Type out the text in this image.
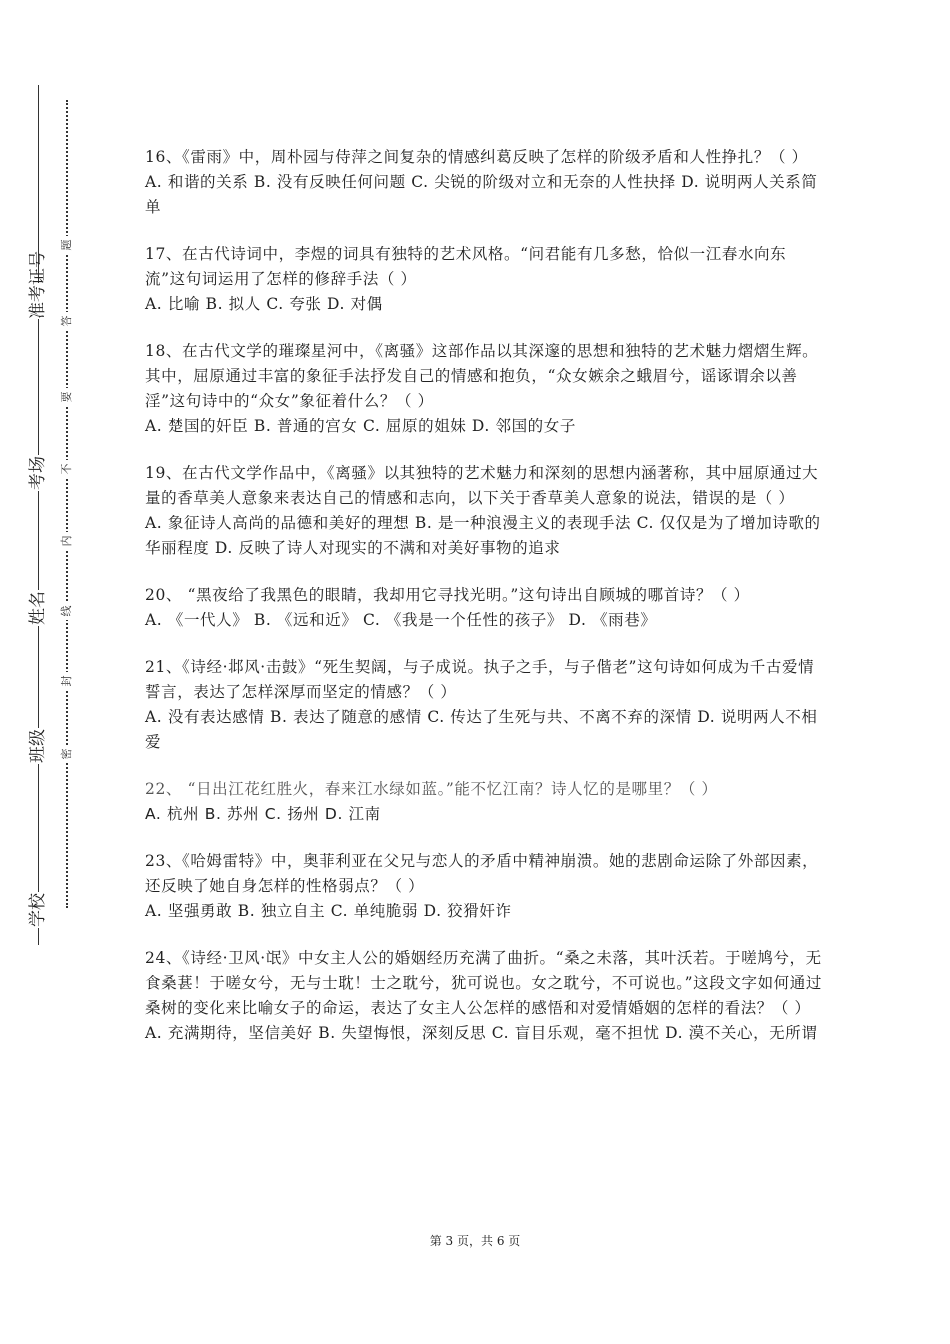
准考证号
考场
姓名
班级
学校
题
答
要
不
内
线
封
密

16、《雷雨》中，周朴园与侍萍之间复杂的情感纠葛反映了怎样的阶级矛盾和人性挣扎？（ ）

A. 和谐的关系 B. 没有反映任何问题 C. 尖锐的阶级对立和无奈的人性抉择 D. 说明两人关系简单

17、在古代诗词中，李煜的词具有独特的艺术风格。“问君能有几多愁，恰似一江春水向东流”这句词运用了怎样的修辞手法（ ）

A. 比喻 B. 拟人 C. 夸张 D. 对偶

18、在古代文学的璀璨星河中，《离骚》这部作品以其深邃的思想和独特的艺术魅力熠熠生辉。其中，屈原通过丰富的象征手法抒发自己的情感和抱负，“众女嫉余之蛾眉兮，谣诼谓余以善淫”这句诗中的“众女”象征着什么？（ ）

A. 楚国的奸臣 B. 普通的宫女 C. 屈原的姐妹 D. 邻国的女子

19、在古代文学作品中，《离骚》以其独特的艺术魅力和深刻的思想内涵著称，其中屈原通过大量的香草美人意象来表达自己的情感和志向，以下关于香草美人意象的说法，错误的是（ ）

A. 象征诗人高尚的品德和美好的理想 B. 是一种浪漫主义的表现手法 C. 仅仅是为了增加诗歌的华丽程度 D. 反映了诗人对现实的不满和对美好事物的追求

20、 “黑夜给了我黑色的眼睛，我却用它寻找光明。”这句诗出自顾城的哪首诗？（ ）

A. 《一代人》 B. 《远和近》 C. 《我是一个任性的孩子》 D. 《雨巷》

21、《诗经·邶风·击鼓》“死生契阔，与子成说。执子之手，与子偕老”这句诗如何成为千古爱情誓言，表达了怎样深厚而坚定的情感？（ ）

A. 没有表达感情 B. 表达了随意的感情 C. 传达了生死与共、不离不弃的深情 D. 说明两人不相爱

22、 “日出江花红胜火，春来江水绿如蓝。”能不忆江南？诗人忆的是哪里？（ ）

A. 杭州 B. 苏州 C. 扬州 D. 江南

23、《哈姆雷特》中，奥菲利亚在父兄与恋人的矛盾中精神崩溃。她的悲剧命运除了外部因素，还反映了她自身怎样的性格弱点？（ ）

A. 坚强勇敢 B. 独立自主 C. 单纯脆弱 D. 狡猾奸诈

24、《诗经·卫风·氓》中女主人公的婚姻经历充满了曲折。“桑之未落，其叶沃若。于嗟鸠兮，无食桑葚！于嗟女兮，无与士耽！士之耽兮，犹可说也。女之耽兮，不可说也。”这段文字如何通过桑树的变化来比喻女子的命运，表达了女主人公怎样的感悟和对爱情婚姻的怎样的看法？（ ）

A. 充满期待，坚信美好 B. 失望悔恨，深刻反思 C. 盲目乐观，毫不担忧 D. 漠不关心，无所谓

第 3 页，共 6 页
